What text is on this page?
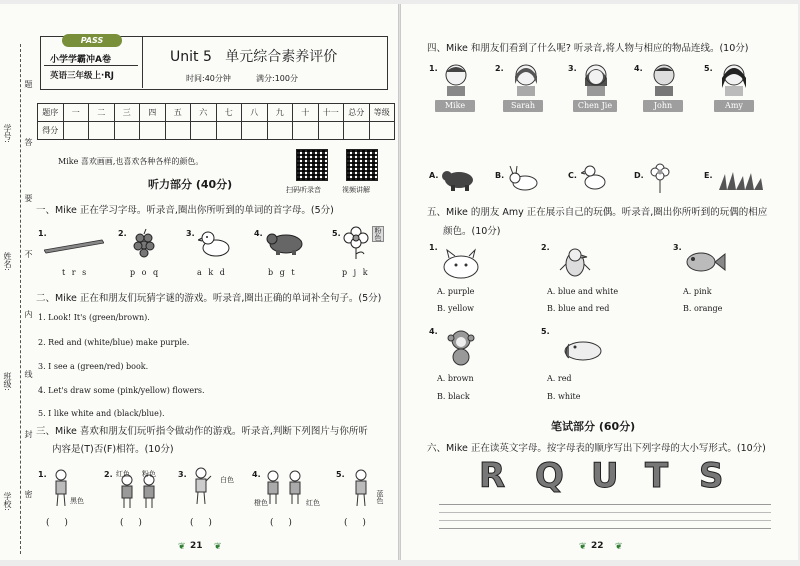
学号:
姓名:
班级:
学校:
题
答
要
不
内
线
封
密
PASS
小学学霸冲A卷
英语三年级上·RJ
Unit 5   单元综合素养评价
时间:40分钟	满分:100分
题序	一	二	三	四	五	六	七	八	九	十	十一	总分	等级
得分													
Mike 喜欢画画,也喜欢各种各样的颜色。
扫码听录音	视频讲解
听力部分 (40分)
一、Mike 正在学习字母。听录音,圈出你所听到的单词的首字母。(5分)
1.	2.	3.	4.	5.	粉色
t r s	p o q	a k d	b g t	p j k
二、Mike 正在和朋友们玩猜字谜的游戏。听录音,圈出正确的单词补全句子。(5分)
1. Look! It's (green/brown).
2. Red and (white/blue) make purple.
3. I see a (green/red) book.
4. Let's draw some (pink/yellow) flowers.
5. I like white and (black/blue).
三、Mike 喜欢和朋友们玩听指令做动作的游戏。听录音,判断下列图片与你所听
内容是(T)否(F)相符。(10分)
1.	2.	3.	4.	5.
黑色
红色 粉色
白色
橙色	红色	蓝色
( )	( )	( )	( )	( )
21
❦	❦
四、Mike 和朋友们看到了什么呢? 听录音,将人物与相应的物品连线。(10分)
1.	2.	3.	4.	5.
Mike	Sarah	Chen Jie	John	Amy
A.	B.	C.	D.	E.
五、Mike 的朋友 Amy 正在展示自己的玩偶。听录音,圈出你所听到的玩偶的相应
颜色。(10分)
1.	2.	3.
A. purple
B. yellow
A. blue and white
B. blue and red
A. pink
B. orange
4.	5.
A. brown
B. black
A. red
B. white
笔试部分 (60分)
六、Mike 正在读英文字母。按字母表的顺序写出下列字母的大小写形式。(10分)
R Q U T S
22
❦	❦
